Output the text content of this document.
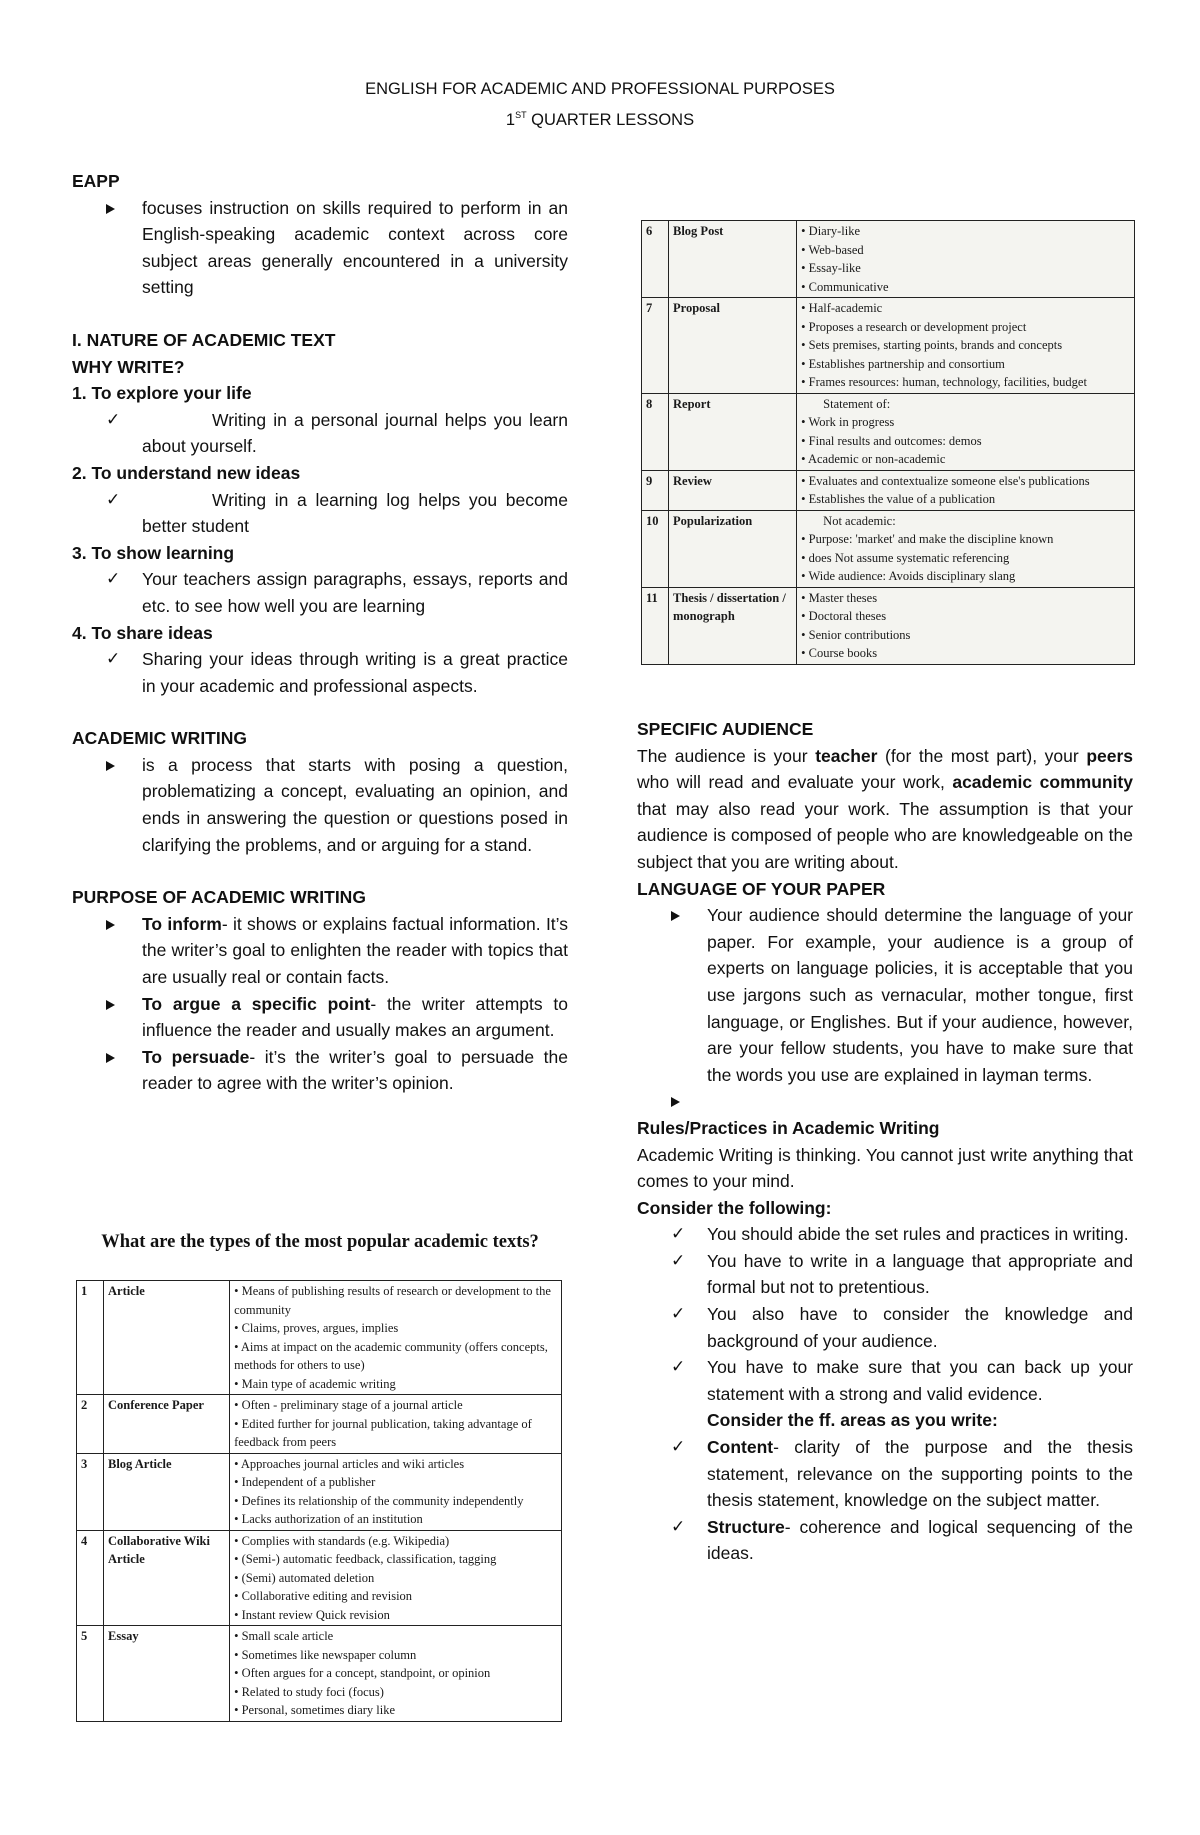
ENGLISH FOR ACADEMIC AND PROFESSIONAL PURPOSES
1ST QUARTER LESSONS

EAPP

focuses instruction on skills required to perform in an English-speaking academic context across core subject areas generally encountered in a university setting

I. NATURE OF ACADEMIC TEXT

WHY WRITE?

1. To explore your life

✓	Writing in a personal journal helps you learn about yourself.

2. To understand new ideas

✓	Writing in a learning log helps you become better student

3. To show learning

✓	Your teachers assign paragraphs, essays, reports and etc. to see how well you are learning

4. To share ideas

✓	Sharing your ideas through writing is a great practice in your academic and professional aspects.

ACADEMIC WRITING

is a process that starts with posing a question, problematizing a concept, evaluating an opinion, and ends in answering the question or questions posed in clarifying the problems, and or arguing for a stand.

PURPOSE OF ACADEMIC WRITING

To inform- it shows or explains factual information. It’s the writer’s goal to enlighten the reader with topics that are usually real or contain facts.

To argue a specific point- the writer attempts to influence the reader and usually makes an argument.

To persuade- it’s the writer’s goal to persuade the reader to agree with the writer’s opinion.

What are the types of the most popular academic texts?
1	Article	• Means of publishing results of research or development to the community
• Claims, proves, argues, implies
• Aims at impact on the academic community (offers concepts, methods for others to use)
• Main type of academic writing

2	Conference Paper	• Often - preliminary stage of a journal article
• Edited further for journal publication, taking advantage of feedback from peers

3	Blog Article	• Approaches journal articles and wiki articles
• Independent of a publisher
• Defines its relationship of the community independently
• Lacks authorization of an institution

4	Collaborative Wiki Article	• Complies with standards (e.g. Wikipedia)
• (Semi-) automatic feedback, classification, tagging
• (Semi) automated deletion
• Collaborative editing and revision
• Instant review Quick revision

5	Essay	• Small scale article
• Sometimes like newspaper column
• Often argues for a concept, standpoint, or opinion
• Related to study foci (focus)
• Personal, sometimes diary like
6	Blog Post	• Diary-like
• Web-based
• Essay-like
• Communicative

7	Proposal	• Half-academic
• Proposes a research or development project
• Sets premises, starting points, brands and concepts
• Establishes partnership and consortium
• Frames resources: human, technology, facilities, budget

8	Report	Statement of:
• Work in progress
• Final results and outcomes: demos
• Academic or non-academic

9	Review	• Evaluates and contextualize someone else's publications
• Establishes the value of a publication

10	Popularization	Not academic:
• Purpose: 'market' and make the discipline known
• does Not assume systematic referencing
• Wide audience: Avoids disciplinary slang

11	Thesis / dissertation / monograph	• Master theses
• Doctoral theses
• Senior contributions
• Course books

SPECIFIC AUDIENCE

The audience is your teacher (for the most part), your peers who will read and evaluate your work, academic community that may also read your work. The assumption is that your audience is composed of people who are knowledgeable on the subject that you are writing about.

LANGUAGE OF YOUR PAPER

Your audience should determine the language of your paper. For example, your audience is a group of experts on language policies, it is acceptable that you use jargons such as vernacular, mother tongue, first language, or Englishes. But if your audience, however, are your fellow students, you have to make sure that the words you use are explained in layman terms.

Rules/Practices in Academic Writing

Academic Writing is thinking. You cannot just write anything that comes to your mind.

Consider the following:

✓	You should abide the set rules and practices in writing.

✓	You have to write in a language that appropriate and formal but not to pretentious.

✓	You also have to consider the knowledge and background of your audience.

✓	You have to make sure that you can back up your statement with a strong and valid evidence.

Consider the ff. areas as you write:

✓	Content- clarity of the purpose and the thesis statement, relevance on the supporting points to the thesis statement, knowledge on the subject matter.

✓	Structure- coherence and logical sequencing of the ideas.
